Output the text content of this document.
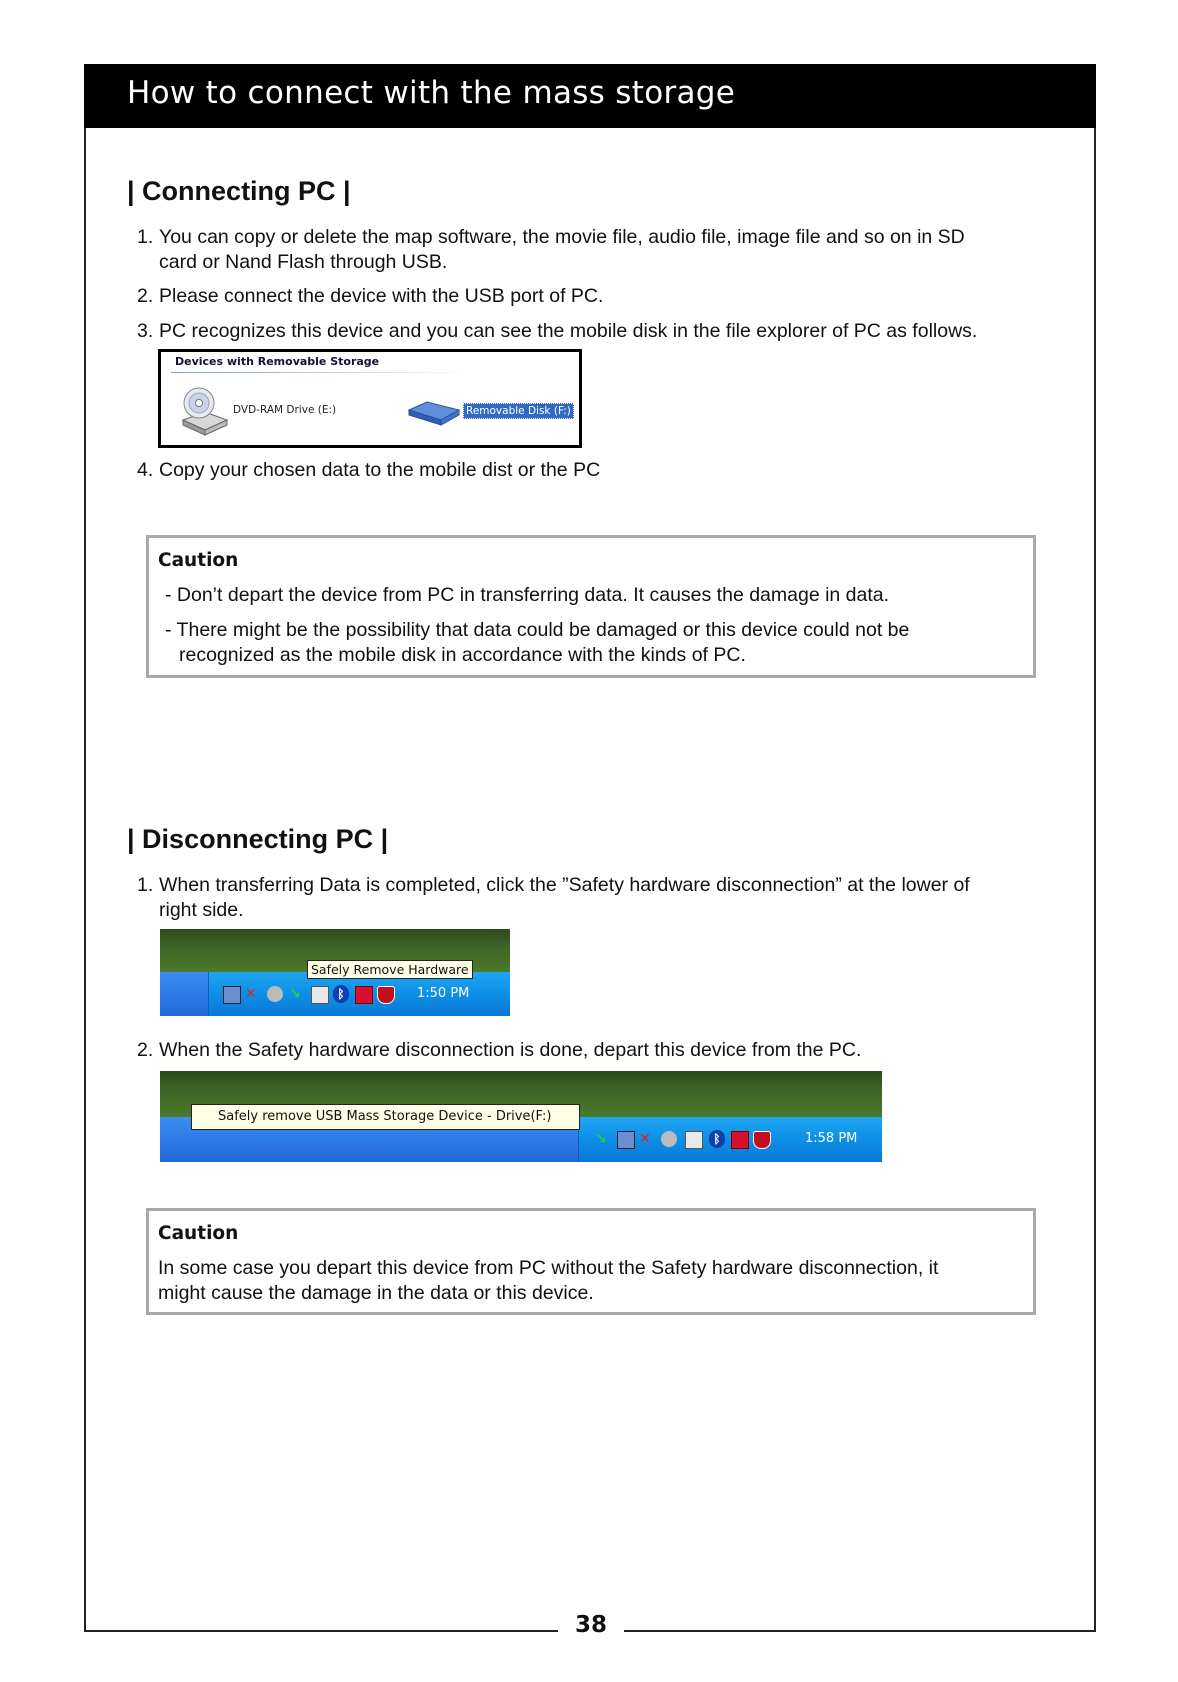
38
How to connect with the mass storage
| Connecting PC |
1. You can copy or delete the map software, the movie file, audio file, image file and so on in SD
card or Nand Flash through USB.
2. Please connect the device with the USB port of PC.
3. PC recognizes this device and you can see the mobile disk in the file explorer of PC as follows.
Devices with Removable Storage
DVD-RAM Drive (E:)	Removable Disk (F:)
4. Copy your chosen data to the mobile dist or the PC
Caution
- Don’t depart the device from PC in transferring data. It causes the damage in data.
- There might be the possibility that data could be damaged or this device could not be
recognized as the mobile disk in accordance with the kinds of PC.
| Disconnecting PC |
1. When transferring Data is completed, click the ”Safety hardware disconnection” at the lower of
right side.
✕	↘	ᛒ	1:50 PM
Safely Remove Hardware
2. When the Safety hardware disconnection is done, depart this device from the PC.
↘	✕	ᛒ	1:58 PM
Safely remove USB Mass Storage Device - Drive(F:)
Caution
In some case you depart this device from PC without the Safety hardware disconnection, it
might cause the damage in the data or this device.
